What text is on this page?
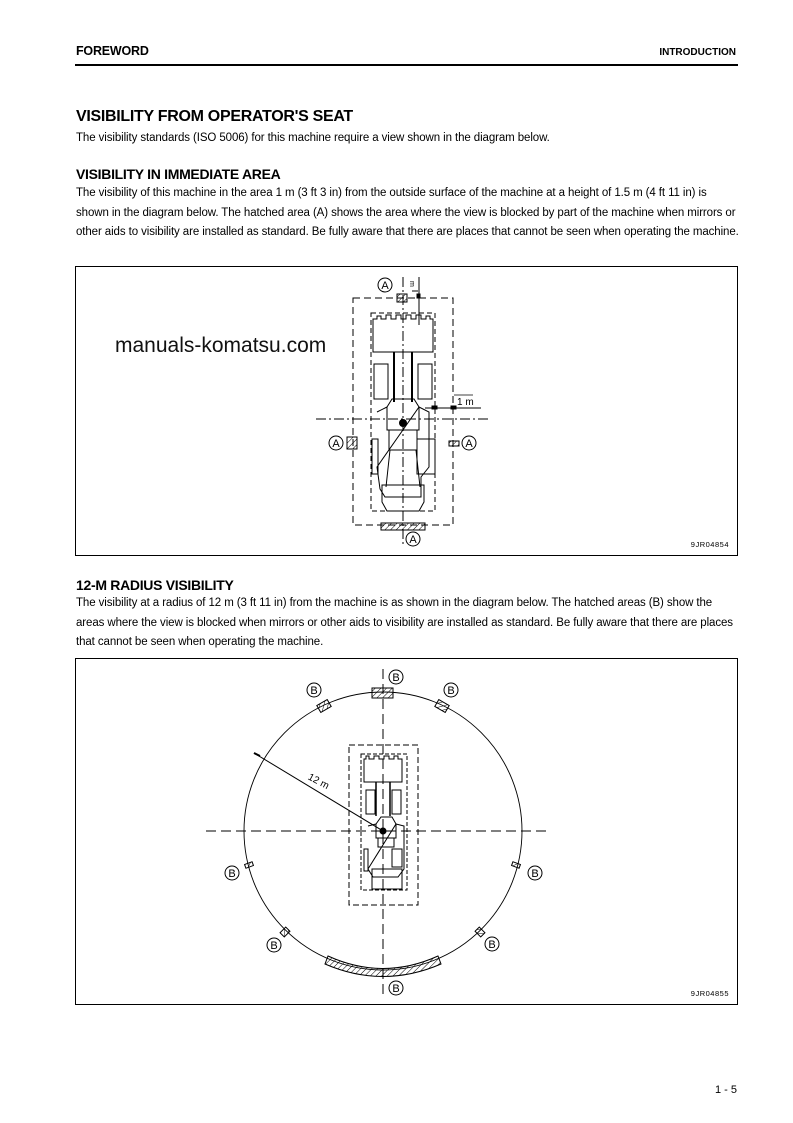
FOREWORD	INTRODUCTION
VISIBILITY FROM OPERATOR'S SEAT

The visibility standards (ISO 5006) for this machine require a view shown in the diagram below.

VISIBILITY IN IMMEDIATE AREA

The visibility of this machine in the area 1 m (3 ft 3 in) from the outside surface of the machine at a height of 1.5 m (4 ft 11 in) is shown in the diagram below. The hatched area (A) shows the area where the view is blocked by part of the machine when mirrors or other aids to visibility are installed as standard. Be fully aware that there are places that cannot be seen when operating the machine.

1 m
m
A
A	A
A	9JR04854
manuals-komatsu.com
12-M RADIUS VISIBILITY

The visibility at a radius of 12 m (3 ft 11 in) from the machine is as shown in the diagram below. The hatched areas (B) show the areas where the view is blocked when mirrors or other aids to visibility are installed as standard. Be fully aware that there are places that cannot be seen when operating the machine.

12 m
B
B	B
B	B
B	B
B	9JR04855
1 - 5
